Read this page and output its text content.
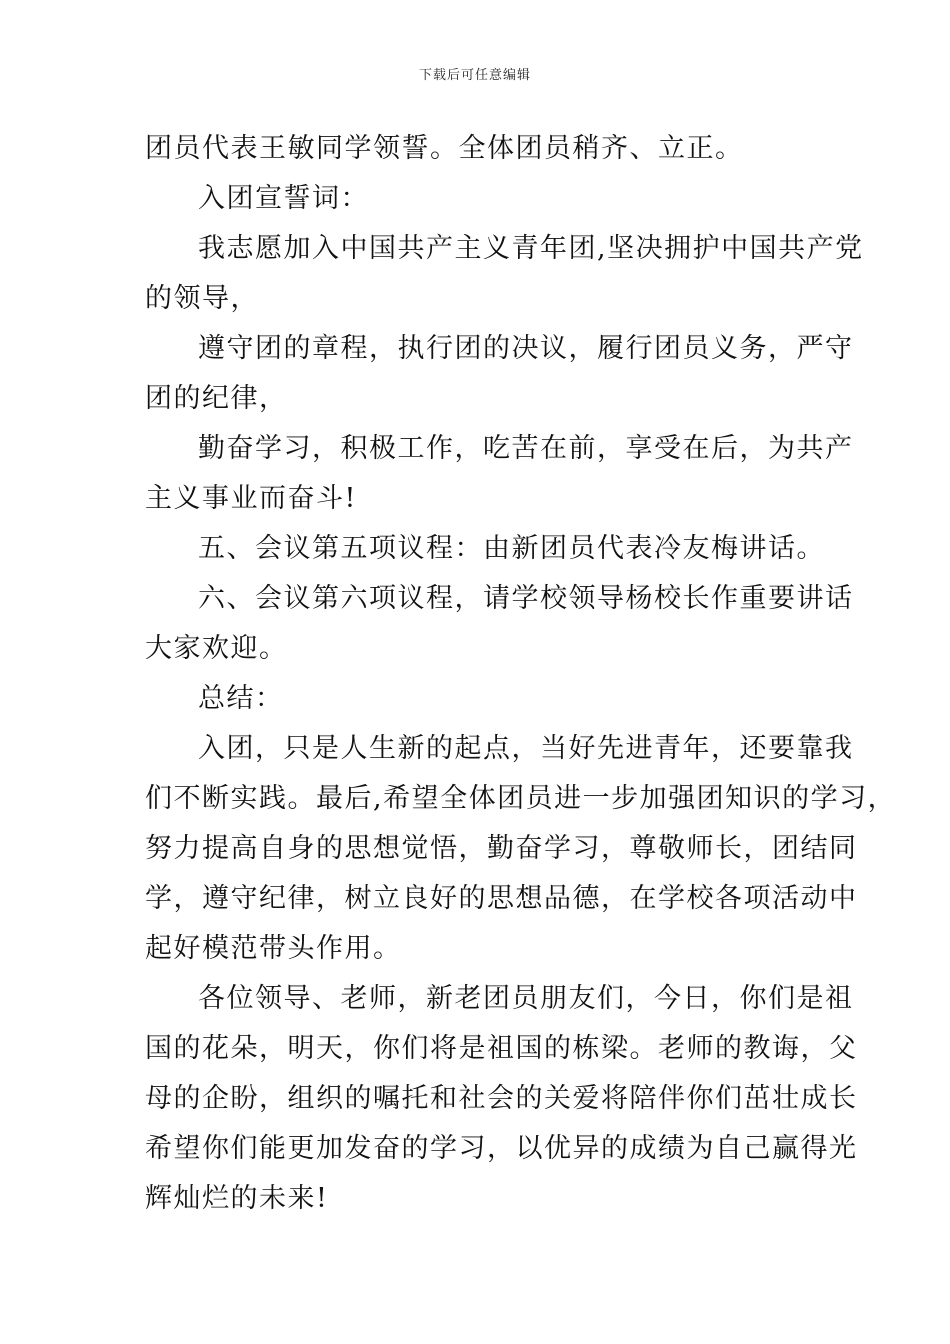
下载后可任意编辑
团员代表王敏同学领誓。全体团员稍齐、立正。
入团宣誓词：
我志愿加入中国共产主义青年团,坚决拥护中国共产党
的领导，
遵守团的章程，执行团的决议，履行团员义务，严守
团的纪律，
勤奋学习，积极工作，吃苦在前，享受在后，为共产
主义事业而奋斗!
五、会议第五项议程：由新团员代表冷友梅讲话。
六、会议第六项议程，请学校领导杨校长作重要讲话
大家欢迎。
总结：
入团，只是人生新的起点，当好先进青年，还要靠我
们不断实践。最后,希望全体团员进一步加强团知识的学习，
努力提高自身的思想觉悟，勤奋学习，尊敬师长，团结同
学，遵守纪律，树立良好的思想品德，在学校各项活动中
起好模范带头作用。
各位领导、老师，新老团员朋友们，今日，你们是祖
国的花朵，明天，你们将是祖国的栋梁。老师的教诲，父
母的企盼，组织的嘱托和社会的关爱将陪伴你们茁壮成长
希望你们能更加发奋的学习，以优异的成绩为自己赢得光
辉灿烂的未来!
